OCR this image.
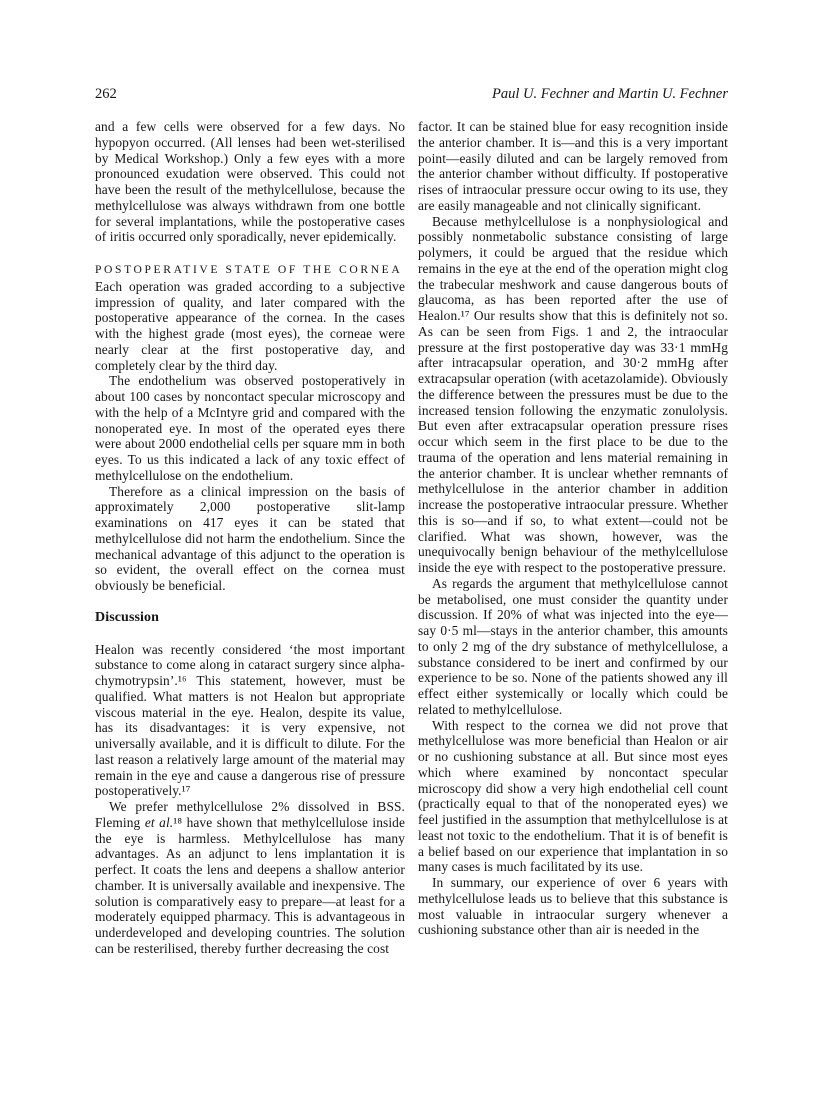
262	Paul U. Fechner and Martin U. Fechner

and a few cells were observed for a few days. No hypopyon occurred. (All lenses had been wet-sterilised by Medical Workshop.) Only a few eyes with a more pronounced exudation were observed. This could not have been the result of the methylcellulose, because the methylcellulose was always withdrawn from one bottle for several implantations, while the postoperative cases of iritis occurred only sporadically, never epidemically.

POSTOPERATIVE STATE OF THE CORNEA

Each operation was graded according to a subjective impression of quality, and later compared with the postoperative appearance of the cornea. In the cases with the highest grade (most eyes), the corneae were nearly clear at the first postoperative day, and completely clear by the third day.

The endothelium was observed postoperatively in about 100 cases by noncontact specular microscopy and with the help of a McIntyre grid and compared with the nonoperated eye. In most of the operated eyes there were about 2000 endothelial cells per square mm in both eyes. To us this indicated a lack of any toxic effect of methylcellulose on the endothelium.

Therefore as a clinical impression on the basis of approximately 2,000 postoperative slit-lamp examinations on 417 eyes it can be stated that methylcellulose did not harm the endothelium. Since the mechanical advantage of this adjunct to the operation is so evident, the overall effect on the cornea must obviously be beneficial.

Discussion

Healon was recently considered ‘the most important substance to come along in cataract surgery since alpha-chymotrypsin’.¹⁶ This statement, however, must be qualified. What matters is not Healon but appropriate viscous material in the eye. Healon, despite its value, has its disadvantages: it is very expensive, not universally available, and it is difficult to dilute. For the last reason a relatively large amount of the material may remain in the eye and cause a dangerous rise of pressure postoperatively.¹⁷

We prefer methylcellulose 2% dissolved in BSS. Fleming et al.¹⁸ have shown that methylcellulose inside the eye is harmless. Methylcellulose has many advantages. As an adjunct to lens implantation it is perfect. It coats the lens and deepens a shallow anterior chamber. It is universally available and inexpensive. The solution is comparatively easy to prepare—at least for a moderately equipped pharmacy. This is advantageous in underdeveloped and developing countries. The solution can be resterilised, thereby further decreasing the cost

factor. It can be stained blue for easy recognition inside the anterior chamber. It is—and this is a very important point—easily diluted and can be largely removed from the anterior chamber without difficulty. If postoperative rises of intraocular pressure occur owing to its use, they are easily manageable and not clinically significant.

Because methylcellulose is a nonphysiological and possibly nonmetabolic substance consisting of large polymers, it could be argued that the residue which remains in the eye at the end of the operation might clog the trabecular meshwork and cause dangerous bouts of glaucoma, as has been reported after the use of Healon.¹⁷ Our results show that this is definitely not so. As can be seen from Figs. 1 and 2, the intraocular pressure at the first postoperative day was 33·1 mmHg after intracapsular operation, and 30·2 mmHg after extracapsular operation (with acetazolamide). Obviously the difference between the pressures must be due to the increased tension following the enzymatic zonulolysis. But even after extracapsular operation pressure rises occur which seem in the first place to be due to the trauma of the operation and lens material remaining in the anterior chamber. It is unclear whether remnants of methylcellulose in the anterior chamber in addition increase the postoperative intraocular pressure. Whether this is so—and if so, to what extent—could not be clarified. What was shown, however, was the unequivocally benign behaviour of the methylcellulose inside the eye with respect to the postoperative pressure.

As regards the argument that methylcellulose cannot be metabolised, one must consider the quantity under discussion. If 20% of what was injected into the eye—say 0·5 ml—stays in the anterior chamber, this amounts to only 2 mg of the dry substance of methylcellulose, a substance considered to be inert and confirmed by our experience to be so. None of the patients showed any ill effect either systemically or locally which could be related to methylcellulose.

With respect to the cornea we did not prove that methylcellulose was more beneficial than Healon or air or no cushioning substance at all. But since most eyes which where examined by noncontact specular microscopy did show a very high endothelial cell count (practically equal to that of the nonoperated eyes) we feel justified in the assumption that methylcellulose is at least not toxic to the endothelium. That it is of benefit is a belief based on our experience that implantation in so many cases is much facilitated by its use.

In summary, our experience of over 6 years with methylcellulose leads us to believe that this substance is most valuable in intraocular surgery whenever a cushioning substance other than air is needed in the
